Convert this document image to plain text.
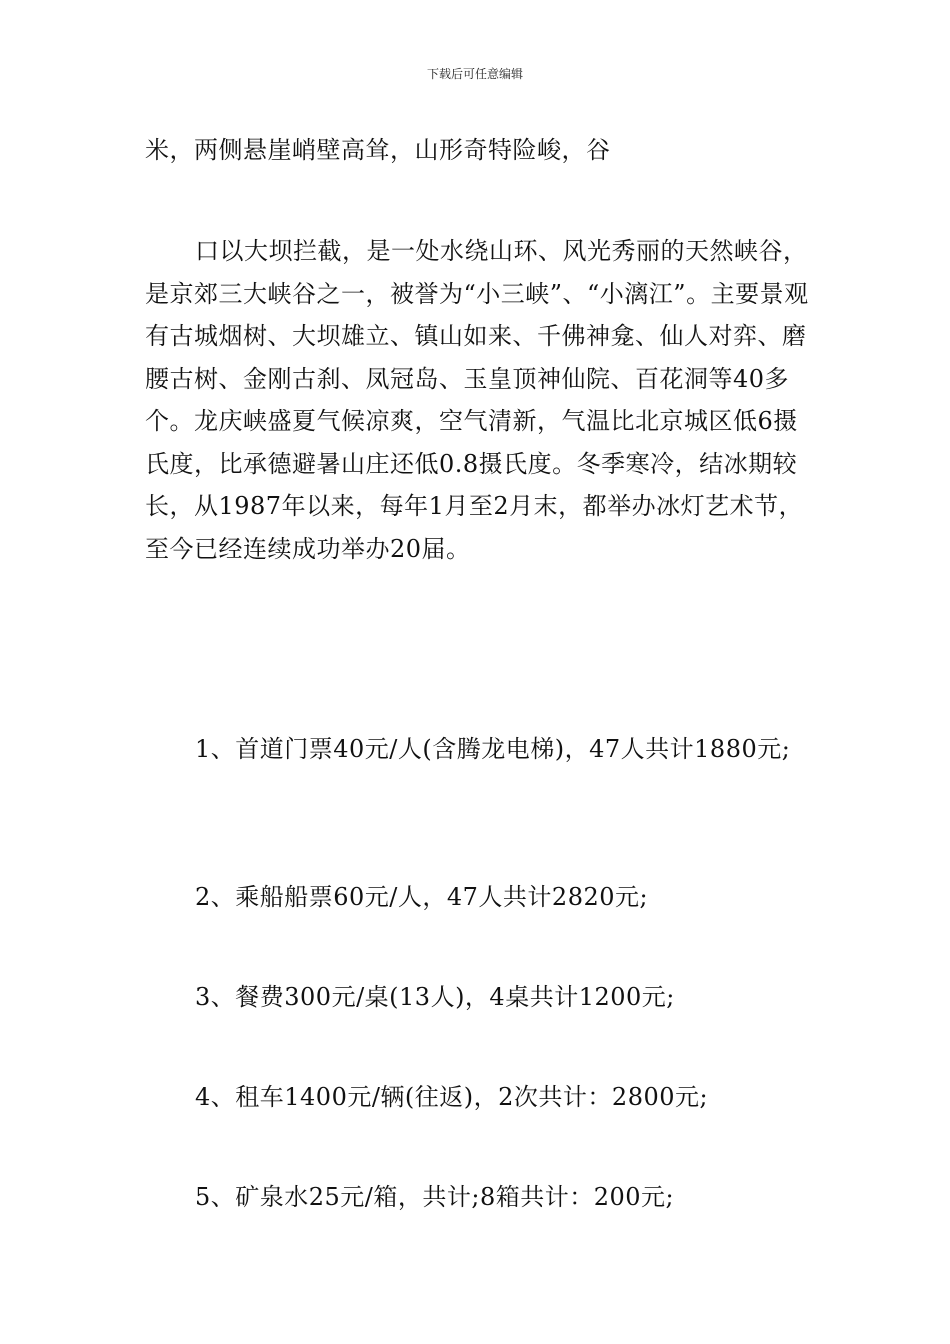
下载后可任意编辑

米，两侧悬崖峭壁高耸，山形奇特险峻，谷

口以大坝拦截，是一处水绕山环、风光秀丽的天然峡谷，是京郊三大峡谷之一，被誉为“小三峡”、“小漓江”。主要景观有古城烟树、大坝雄立、镇山如来、千佛神龛、仙人对弈、磨腰古树、金刚古刹、凤冠岛、玉皇顶神仙院、百花洞等40多个。龙庆峡盛夏气候凉爽，空气清新，气温比北京城区低6摄氏度，比承德避暑山庄还低0.8摄氏度。冬季寒冷，结冰期较长，从1987年以来，每年1月至2月末，都举办冰灯艺术节，至今已经连续成功举办20届。

1、首道门票40元/人(含腾龙电梯)，47人共计1880元;

2、乘船船票60元/人，47人共计2820元;

3、餐费300元/桌(13人)，4桌共计1200元;

4、租车1400元/辆(往返)，2次共计：2800元;

5、矿泉水25元/箱，共计;8箱共计：200元;
